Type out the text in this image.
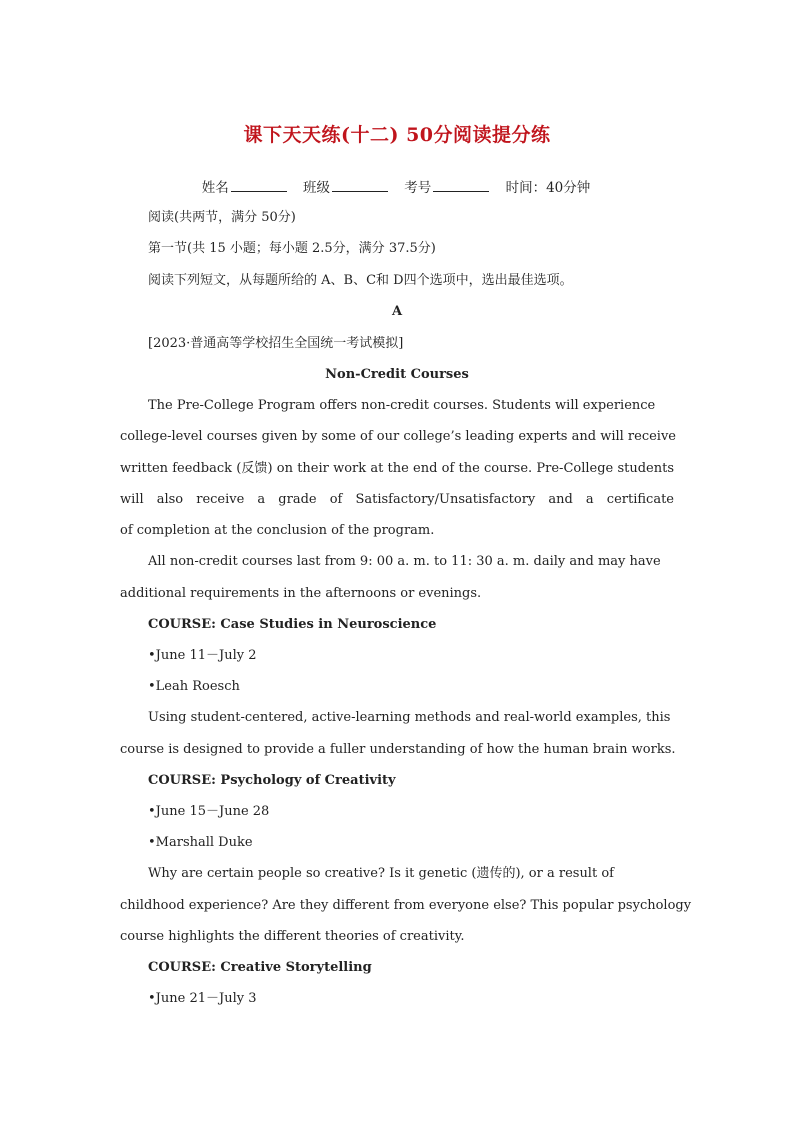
课下天天练(十二) 50分阅读提分练
姓名	班级	考号	时间：40分钟
阅读(共两节，满分 50分)
第一节(共 15 小题；每小题 2.5分，满分 37.5分)
阅读下列短文，从每题所给的 A、B、C和 D四个选项中，选出最佳选项。
A
[2023·普通高等学校招生全国统一考试模拟]
Non-Credit Courses
The Pre-College Program offers non-credit courses. Students will experience
college-level courses given by some of our college’s leading experts and will receive
written feedback (反馈) on their work at the end of the course. Pre-College students
will also receive a grade of Satisfactory/Unsatisfactory and a certificate
of completion at the conclusion of the program.
All non-credit courses last from 9: 00 a. m. to 11: 30 a. m. daily and may have
additional requirements in the afternoons or evenings.
COURSE: Case Studies in Neuroscience
•June 11－July 2
•Leah Roesch
Using student-centered, active-learning methods and real-world examples, this
course is designed to provide a fuller understanding of how the human brain works.
COURSE: Psychology of Creativity
•June 15－June 28
•Marshall Duke
Why are certain people so creative? Is it genetic (遗传的), or a result of
childhood experience? Are they different from everyone else? This popular psychology
course highlights the different theories of creativity.
COURSE: Creative Storytelling
•June 21－July 3
